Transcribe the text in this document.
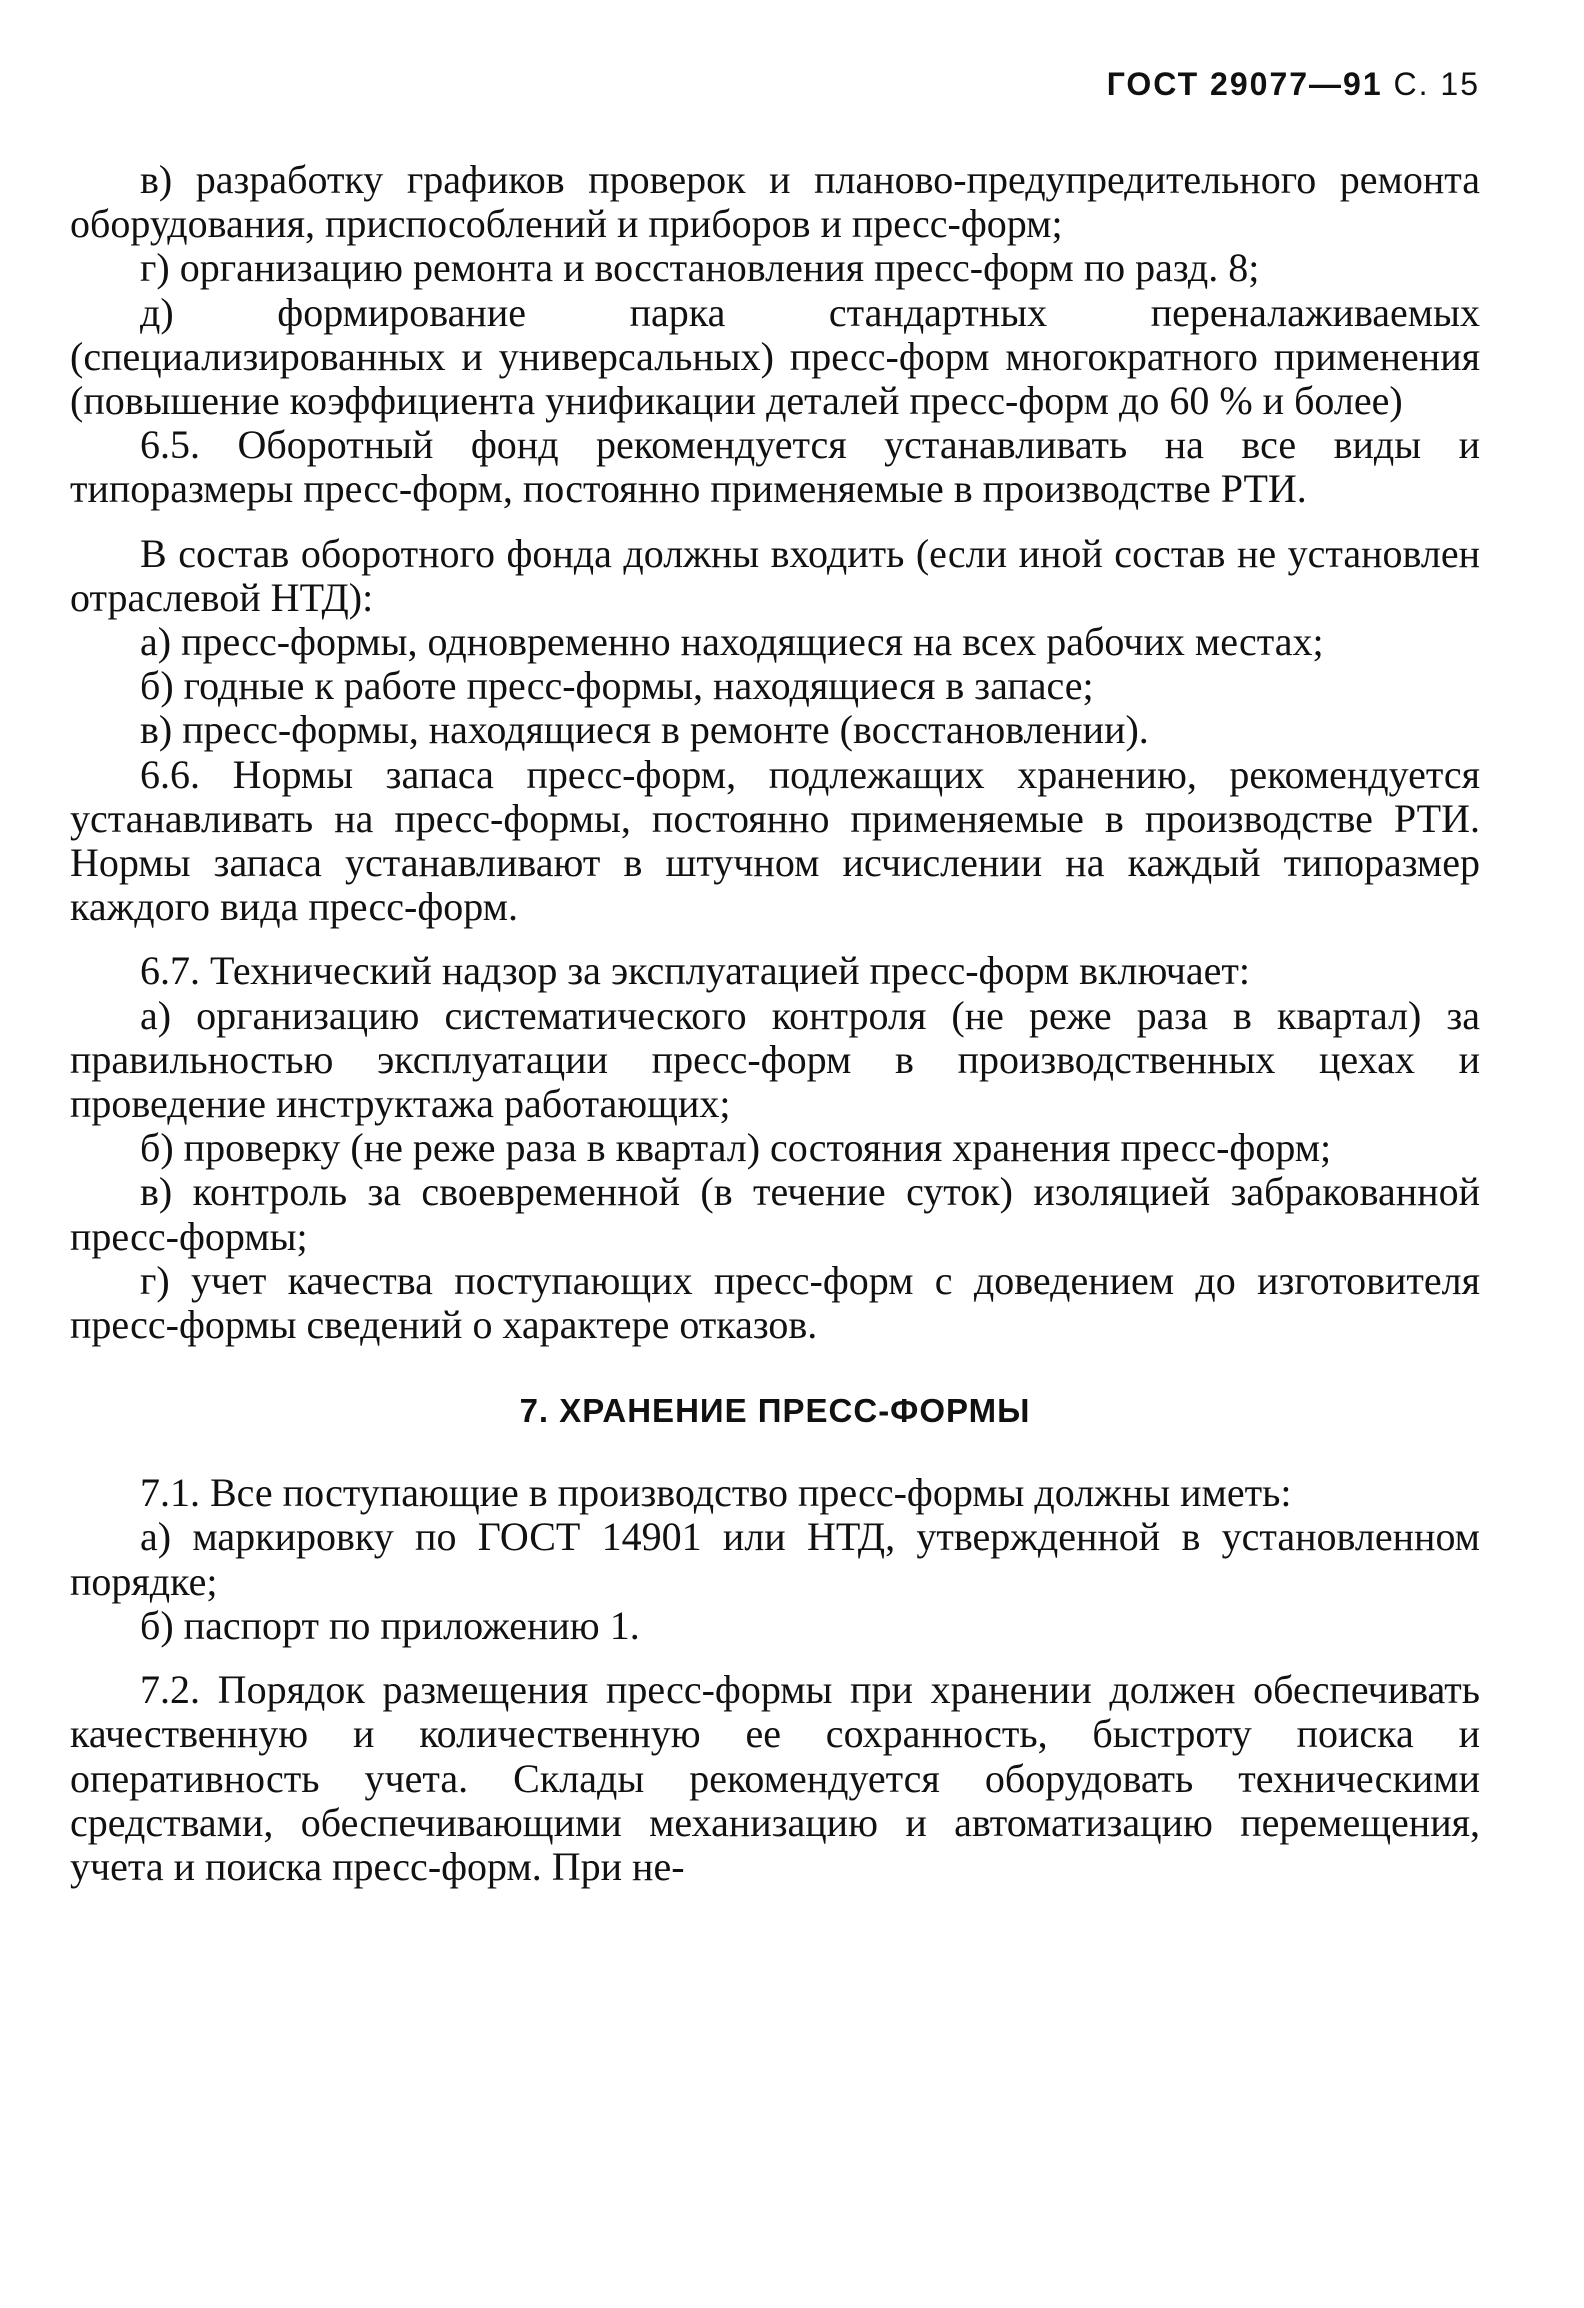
ГОСТ 29077—91 С. 15

в) разработку графиков проверок и планово-предупредительного ремонта оборудования, приспособлений и приборов и пресс-форм;

г) организацию ремонта и восстановления пресс-форм по разд. 8;

д) формирование парка стандартных переналаживаемых (специализированных и универсальных) пресс-форм многократного применения (повышение коэффициента унификации деталей пресс-форм до 60 % и более)

6.5. Оборотный фонд рекомендуется устанавливать на все виды и типоразмеры пресс-форм, постоянно применяемые в производстве РТИ.

В состав оборотного фонда должны входить (если иной состав не установлен отраслевой НТД):

а) пресс-формы, одновременно находящиеся на всех рабочих местах;

б) годные к работе пресс-формы, находящиеся в запасе;

в) пресс-формы, находящиеся в ремонте (восстановлении).

6.6. Нормы запаса пресс-форм, подлежащих хранению, рекомендуется устанавливать на пресс-формы, постоянно применяемые в производстве РТИ. Нормы запаса устанавливают в штучном исчислении на каждый типоразмер каждого вида пресс-форм.

6.7. Технический надзор за эксплуатацией пресс-форм включает:

а) организацию систематического контроля (не реже раза в квартал) за правильностью эксплуатации пресс-форм в производственных цехах и проведение инструктажа работающих;

б) проверку (не реже раза в квартал) состояния хранения пресс-форм;

в) контроль за своевременной (в течение суток) изоляцией забракованной пресс-формы;

г) учет качества поступающих пресс-форм с доведением до изготовителя пресс-формы сведений о характере отказов.

7. ХРАНЕНИЕ ПРЕСС-ФОРМЫ

7.1. Все поступающие в производство пресс-формы должны иметь:

а) маркировку по ГОСТ 14901 или НТД, утвержденной в установленном порядке;

б) паспорт по приложению 1.

7.2. Порядок размещения пресс-формы при хранении должен обеспечивать качественную и количественную ее сохранность, быстроту поиска и оперативность учета. Склады рекомендуется оборудовать техническими средствами, обеспечивающими механизацию и автоматизацию перемещения, учета и поиска пресс-форм. При не-
